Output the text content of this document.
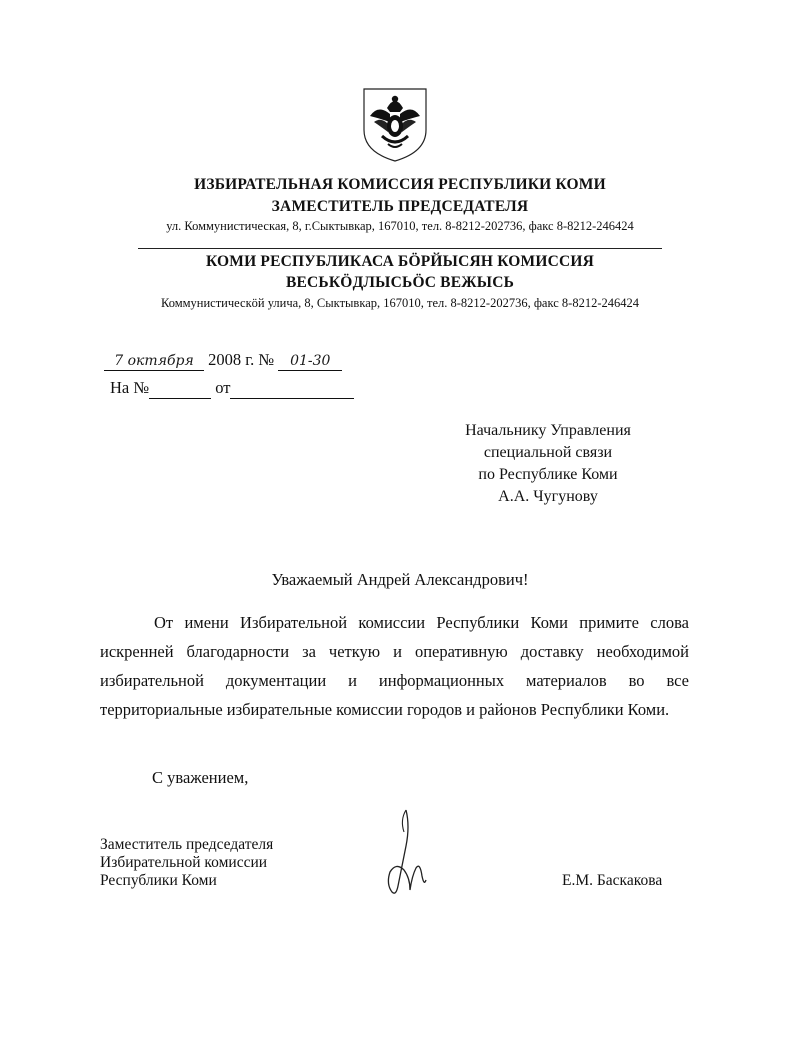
ИЗБИРАТЕЛЬНАЯ КОМИССИЯ РЕСПУБЛИКИ КОМИ
ЗАМЕСТИТЕЛЬ ПРЕДСЕДАТЕЛЯ
ул. Коммунистическая, 8, г.Сыктывкар, 167010, тел. 8-8212-202736, факс 8-8212-246424
КОМИ РЕСПУБЛИКАСА БÖРЙЫСЯН КОМИССИЯ
ВЕСЬКÖДЛЫСЬÖС ВЕЖЫСЬ
Коммунистическöй улича, 8, Сыктывкар, 167010, тел. 8-8212-202736, факс 8-8212-246424
7 октября 2008 г. № 01-30
На №	от
Начальнику Управления
специальной связи
по Республике Коми
А.А. Чугунову
Уважаемый Андрей Александрович!
От имени Избирательной комиссии Республики Коми примите слова искренней благодарности за четкую и оперативную доставку необходимой избирательной документации и информационных материалов во все территориальные избирательные комиссии городов и районов Республики Коми.
С уважением,
Заместитель председателя
Избирательной комиссии
Республики Коми	Е.М. Баскакова
